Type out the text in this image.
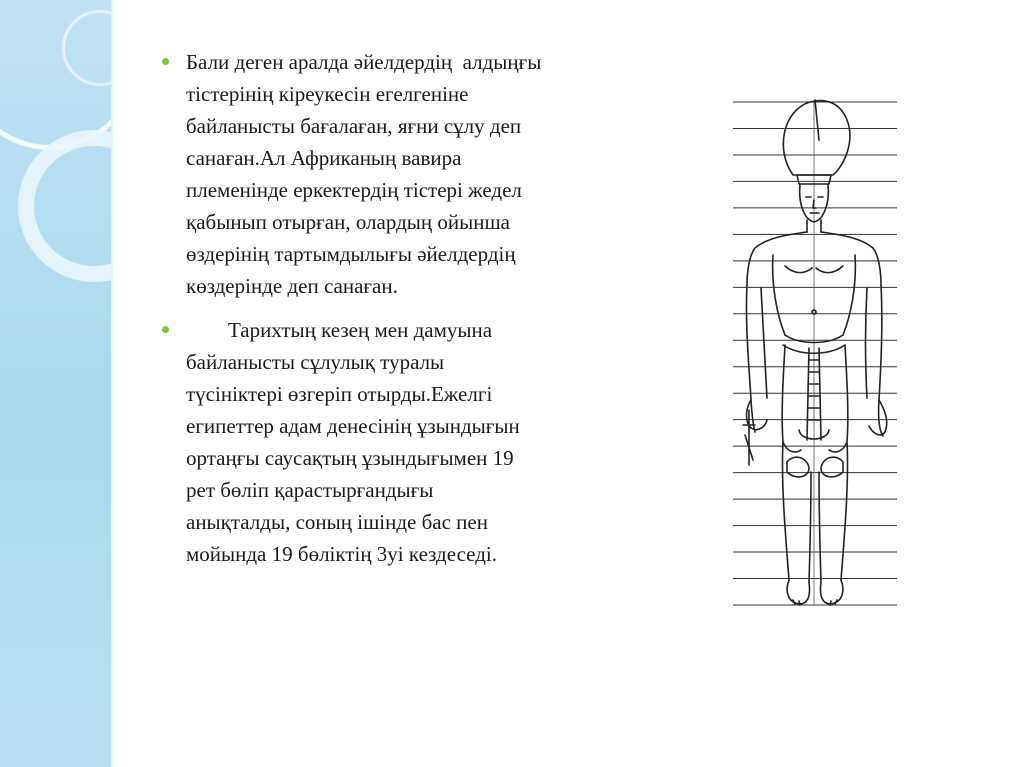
Бали деген аралда әйелдердің  алдыңғы
тістерінің кіреукесін егелгеніне
байланысты бағалаған, яғни сұлу деп
санаған.Ал Африканың вавира
племенінде еркектердің тістері жедел
қабынып отырған, олардың ойынша
өздерінің тартымдылығы әйелдердің
көздерінде деп санаған.
Тарихтың кезең мен дамуына
байланысты сұлулық туралы
түсініктері өзгеріп отырды.Ежелгі
египеттер адам денесінің ұзындығын
ортаңғы саусақтың ұзындығымен 19
рет бөліп қарастырғандығы
анықталды, соның ішінде бас пен
мойында 19 бөліктің 3уі кездеседі.
